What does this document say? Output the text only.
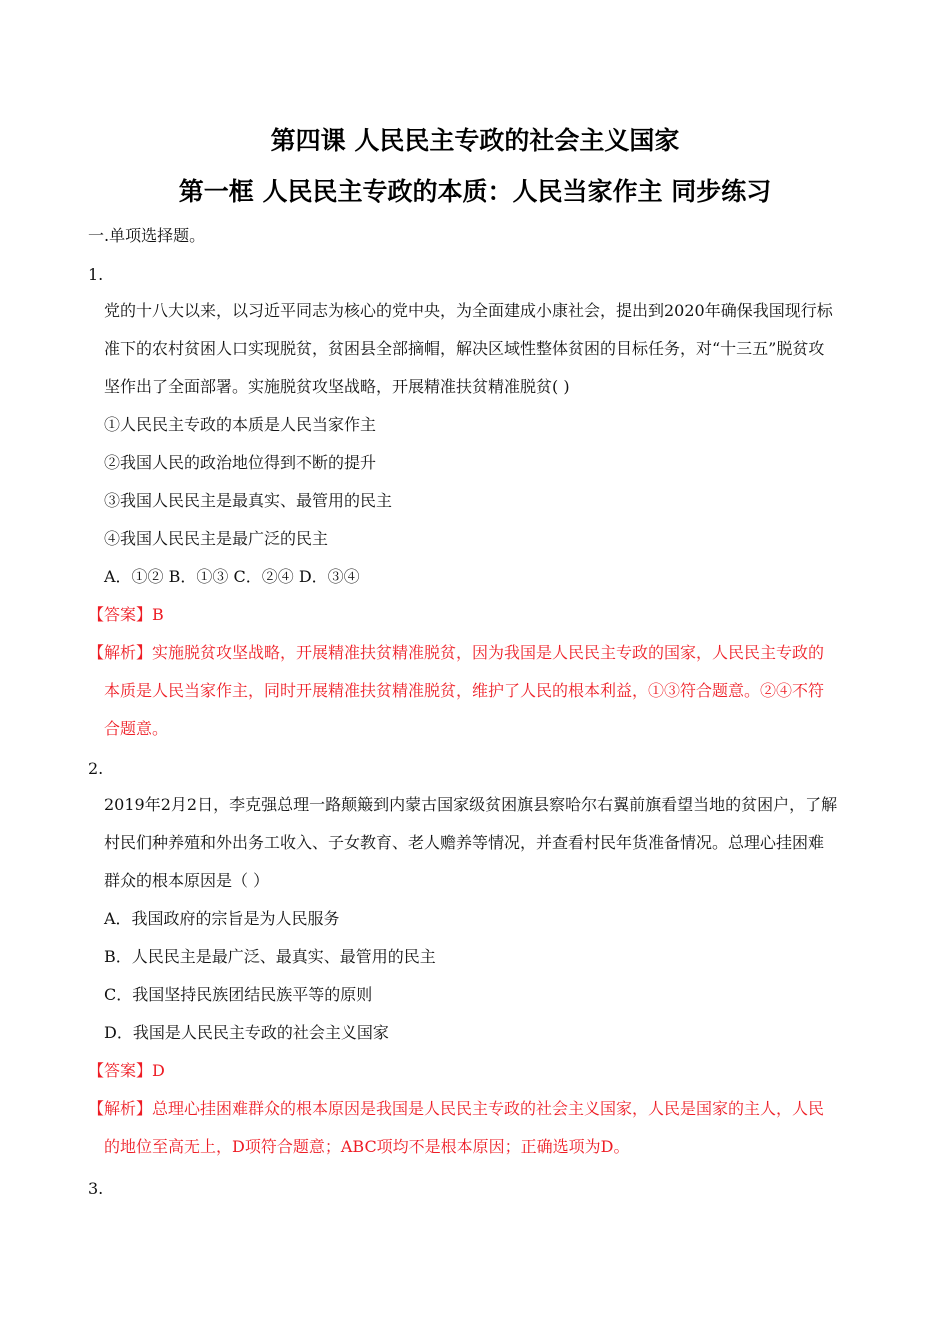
第四课 人民民主专政的社会主义国家
第一框 人民民主专政的本质：人民当家作主 同步练习
一.单项选择题。
1.
党的十八大以来，以习近平同志为核心的党中央，为全面建成小康社会，提出到2020年确保我国现行标
准下的农村贫困人口实现脱贫，贫困县全部摘帽，解决区域性整体贫困的目标任务，对“十三五”脱贫攻
坚作出了全面部署。实施脱贫攻坚战略，开展精准扶贫精准脱贫( )
①人民民主专政的本质是人民当家作主
②我国人民的政治地位得到不断的提升
③我国人民民主是最真实、最管用的民主
④我国人民民主是最广泛的民主
A．①② B．①③ C．②④ D．③④
【答案】B
【解析】实施脱贫攻坚战略，开展精准扶贫精准脱贫，因为我国是人民民主专政的国家，人民民主专政的
本质是人民当家作主，同时开展精准扶贫精准脱贫，维护了人民的根本利益，①③符合题意。②④不符
合题意。
2.
2019年2月2日，李克强总理一路颠簸到内蒙古国家级贫困旗县察哈尔右翼前旗看望当地的贫困户，了解
村民们种养殖和外出务工收入、子女教育、老人赡养等情况，并查看村民年货准备情况。总理心挂困难
群众的根本原因是（ ）
A．我国政府的宗旨是为人民服务
B．人民民主是最广泛、最真实、最管用的民主
C．我国坚持民族团结民族平等的原则
D．我国是人民民主专政的社会主义国家
【答案】D
【解析】总理心挂困难群众的根本原因是我国是人民民主专政的社会主义国家，人民是国家的主人，人民
的地位至高无上，D项符合题意；ABC项均不是根本原因；正确选项为D。
3.
